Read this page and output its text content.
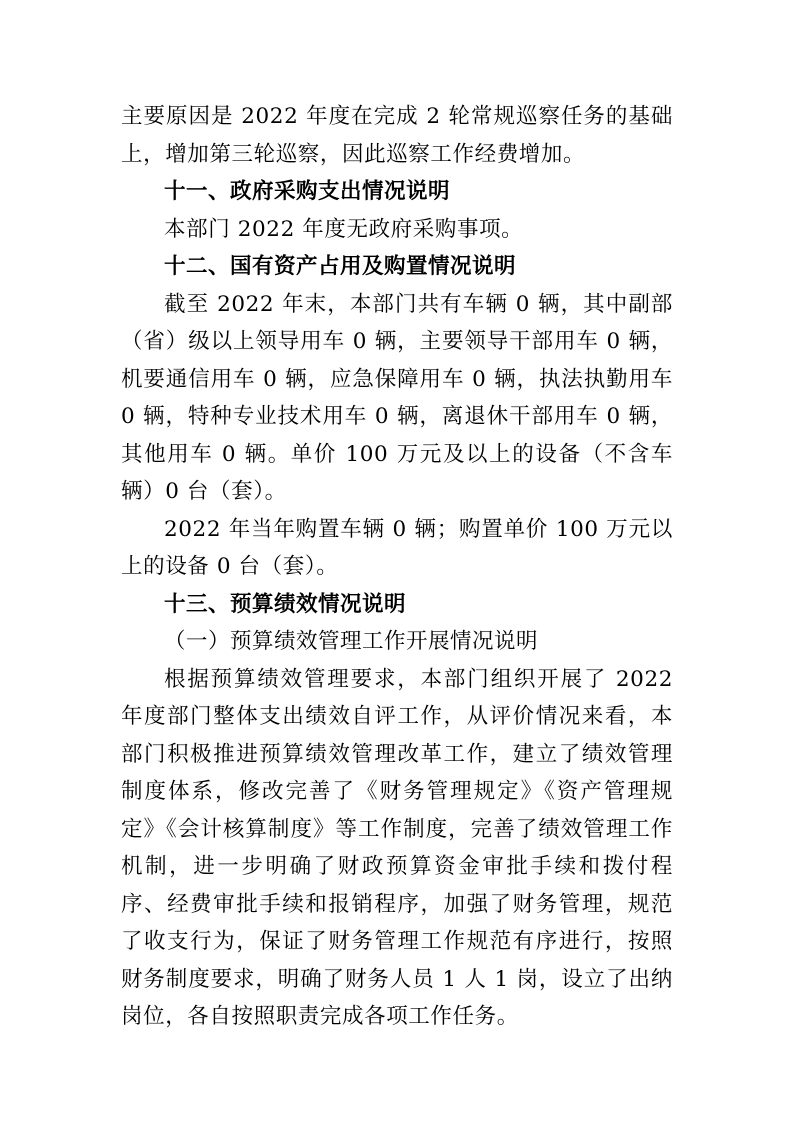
主要原因是 2022 年度在完成 2 轮常规巡察任务的基础上，增加第三轮巡察，因此巡察工作经费增加。

十一、政府采购支出情况说明

本部门 2022 年度无政府采购事项。

十二、国有资产占用及购置情况说明

截至 2022 年末，本部门共有车辆 0 辆，其中副部（省）级以上领导用车 0 辆，主要领导干部用车 0 辆，机要通信用车 0 辆，应急保障用车 0 辆，执法执勤用车 0 辆，特种专业技术用车 0 辆，离退休干部用车 0 辆，其他用车 0 辆。单价 100 万元及以上的设备（不含车辆）0 台（套）。

2022 年当年购置车辆 0 辆；购置单价 100 万元以上的设备 0 台（套）。

十三、预算绩效情况说明

（一）预算绩效管理工作开展情况说明

根据预算绩效管理要求，本部门组织开展了 2022 年度部门整体支出绩效自评工作，从评价情况来看，本部门积极推进预算绩效管理改革工作，建立了绩效管理制度体系，修改完善了《财务管理规定》《资产管理规定》《会计核算制度》等工作制度，完善了绩效管理工作机制，进一步明确了财政预算资金审批手续和拨付程序、经费审批手续和报销程序，加强了财务管理，规范了收支行为，保证了财务管理工作规范有序进行，按照财务制度要求，明确了财务人员 1 人 1 岗，设立了出纳岗位，各自按照职责完成各项工作任务。
